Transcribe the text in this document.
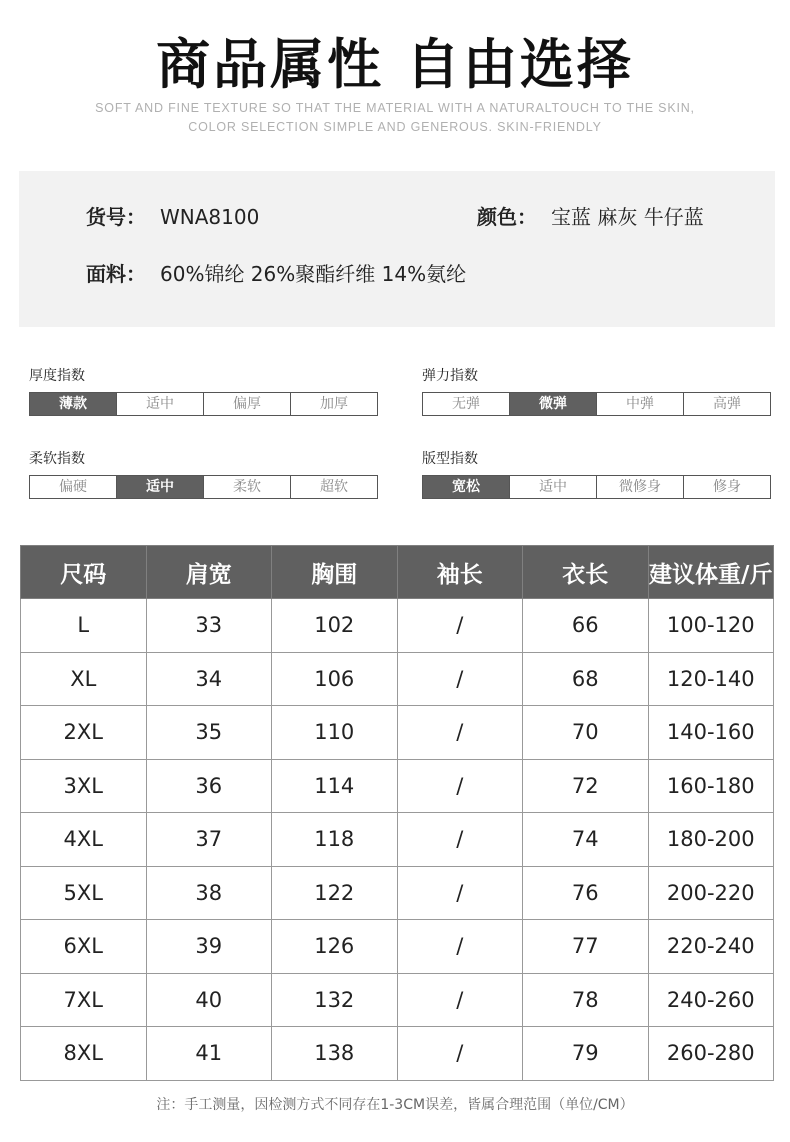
商品属性 自由选择
SOFT AND FINE TEXTURE SO THAT THE MATERIAL WITH A NATURALTOUCH TO THE SKIN,
COLOR SELECTION SIMPLE AND GENEROUS. SKIN-FRIENDLY
货号： WNA8100	颜色： 宝蓝 麻灰 牛仔蓝
面料： 60%锦纶 26%聚酯纤维 14%氨纶
厚度指数
薄款	适中	偏厚	加厚
弹力指数
无弹	微弹	中弹	高弹
柔软指数
偏硬	适中	柔软	超软
版型指数
宽松	适中	微修身	修身
尺码	肩宽	胸围	袖长	衣长	建议体重/斤
L	33	102	/	66	100-120
XL	34	106	/	68	120-140
2XL	35	110	/	70	140-160
3XL	36	114	/	72	160-180
4XL	37	118	/	74	180-200
5XL	38	122	/	76	200-220
6XL	39	126	/	77	220-240
7XL	40	132	/	78	240-260
8XL	41	138	/	79	260-280
注：手工测量，因检测方式不同存在1-3CM误差，皆属合理范围（单位/CM）
